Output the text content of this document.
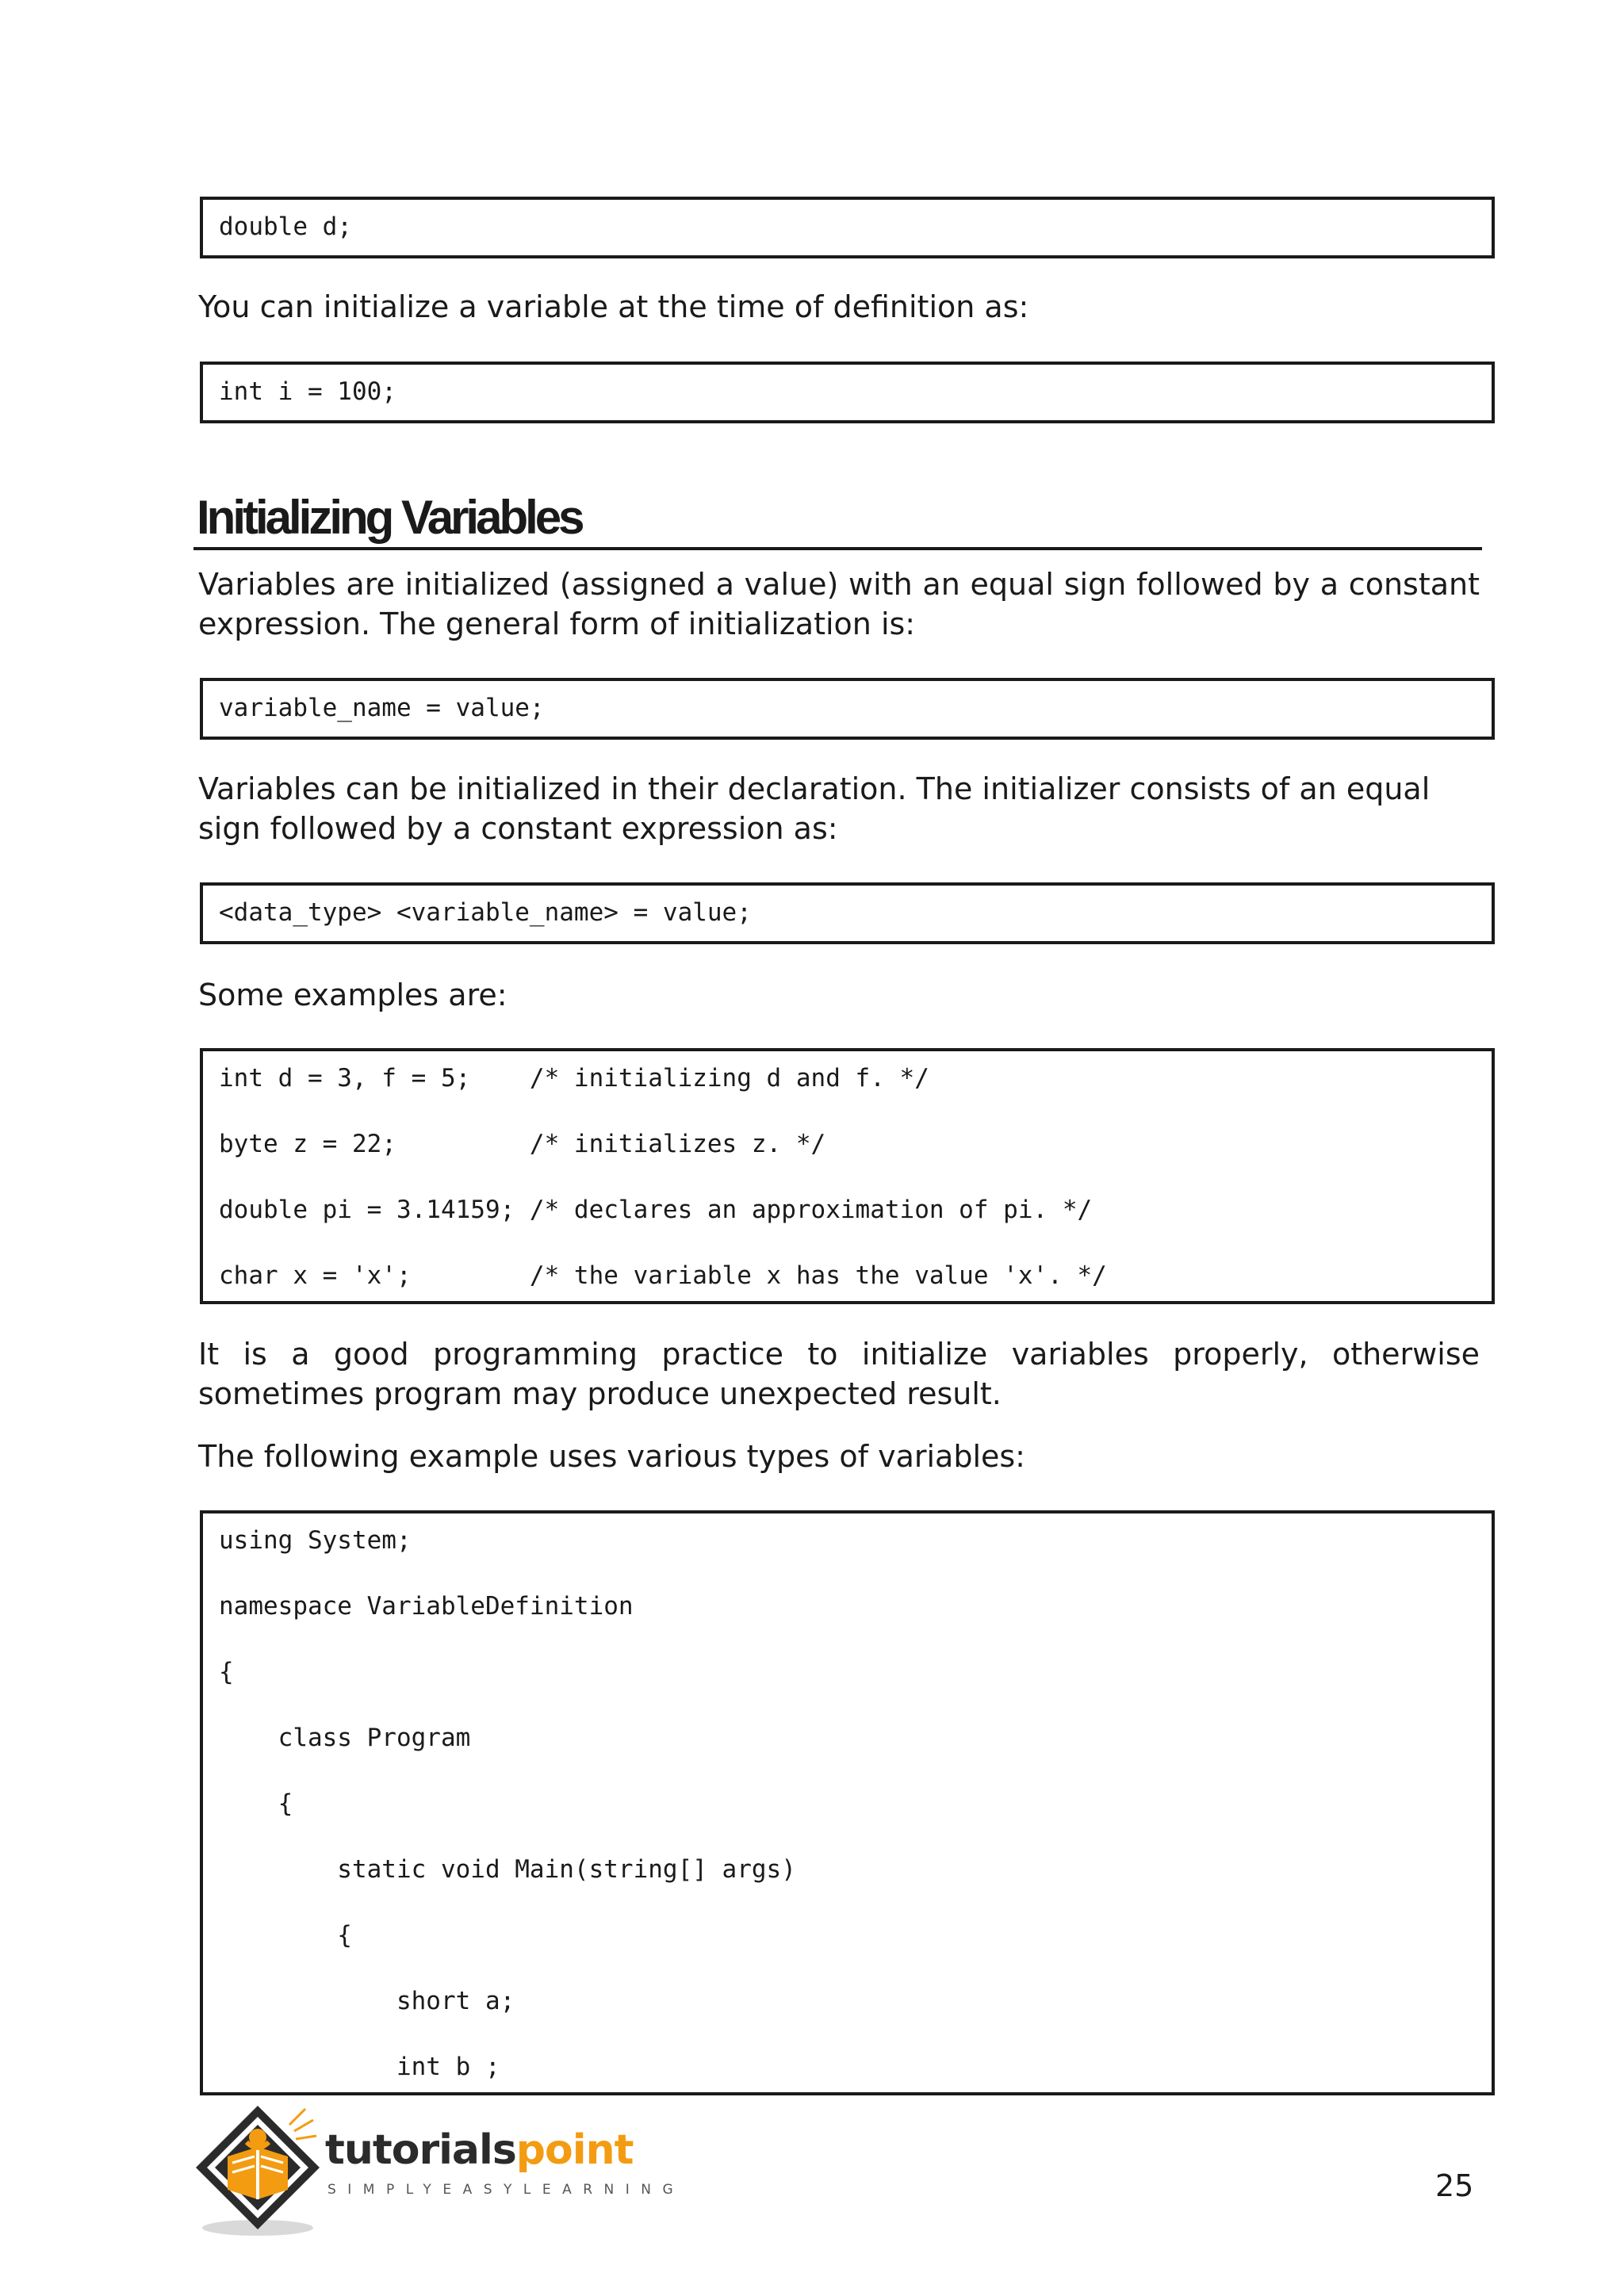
double d;
You can initialize a variable at the time of definition as:
int i = 100;
Initializing Variables
Variables are initialized (assigned a value) with an equal sign followed by a constant expression. The general form of initialization is:
variable_name = value;
Variables can be initialized in their declaration. The initializer consists of an equal sign followed by a constant expression as:
<data_type> <variable_name> = value;
Some examples are:
int d = 3, f = 5;    /* initializing d and f. */
byte z = 22;         /* initializes z. */
double pi = 3.14159; /* declares an approximation of pi. */
char x = 'x';        /* the variable x has the value 'x'. */
It is a good programming practice to initialize variables properly, otherwise sometimes program may produce unexpected result.
The following example uses various types of variables:
using System;
namespace VariableDefinition
{
class Program
{
static void Main(string[] args)
{
short a;
int b ;
tutorialspoint
SIMPLYEASYLEARNING	25
